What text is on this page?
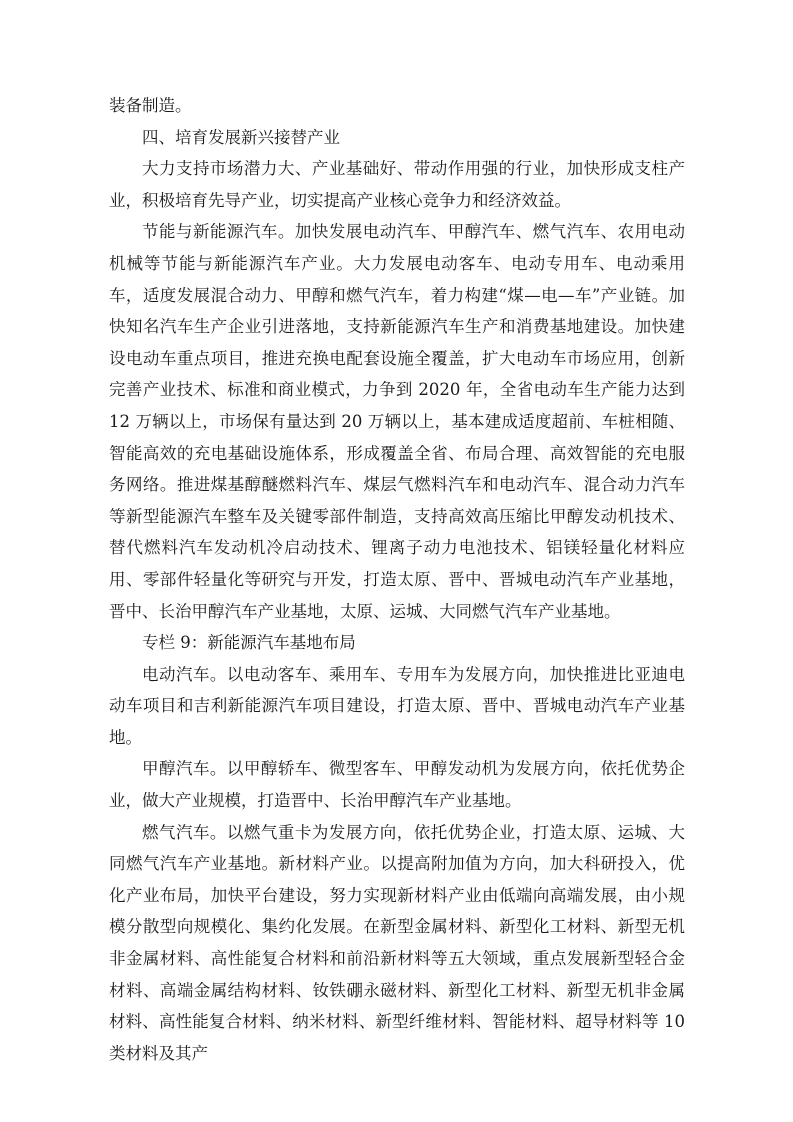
装备制造。

四、培育发展新兴接替产业

大力支持市场潜力大、产业基础好、带动作用强的行业，加快形成支柱产业，积极培育先导产业，切实提高产业核心竞争力和经济效益。

节能与新能源汽车。加快发展电动汽车、甲醇汽车、燃气汽车、农用电动机械等节能与新能源汽车产业。大力发展电动客车、电动专用车、电动乘用车，适度发展混合动力、甲醇和燃气汽车，着力构建“煤—电—车”产业链。加快知名汽车生产企业引进落地，支持新能源汽车生产和消费基地建设。加快建设电动车重点项目，推进充换电配套设施全覆盖，扩大电动车市场应用，创新完善产业技术、标准和商业模式，力争到 2020 年，全省电动车生产能力达到 12 万辆以上，市场保有量达到 20 万辆以上，基本建成适度超前、车桩相随、智能高效的充电基础设施体系，形成覆盖全省、布局合理、高效智能的充电服务网络。推进煤基醇醚燃料汽车、煤层气燃料汽车和电动汽车、混合动力汽车等新型能源汽车整车及关键零部件制造，支持高效高压缩比甲醇发动机技术、替代燃料汽车发动机冷启动技术、锂离子动力电池技术、铝镁轻量化材料应用、零部件轻量化等研究与开发，打造太原、晋中、晋城电动汽车产业基地，晋中、长治甲醇汽车产业基地，太原、运城、大同燃气汽车产业基地。

专栏 9：新能源汽车基地布局

电动汽车。以电动客车、乘用车、专用车为发展方向，加快推进比亚迪电动车项目和吉利新能源汽车项目建设，打造太原、晋中、晋城电动汽车产业基地。

甲醇汽车。以甲醇轿车、微型客车、甲醇发动机为发展方向，依托优势企业，做大产业规模，打造晋中、长治甲醇汽车产业基地。

燃气汽车。以燃气重卡为发展方向，依托优势企业，打造太原、运城、大同燃气汽车产业基地。新材料产业。以提高附加值为方向，加大科研投入，优化产业布局，加快平台建设，努力实现新材料产业由低端向高端发展，由小规模分散型向规模化、集约化发展。在新型金属材料、新型化工材料、新型无机非金属材料、高性能复合材料和前沿新材料等五大领域，重点发展新型轻合金材料、高端金属结构材料、钕铁硼永磁材料、新型化工材料、新型无机非金属材料、高性能复合材料、纳米材料、新型纤维材料、智能材料、超导材料等 10 类材料及其产
